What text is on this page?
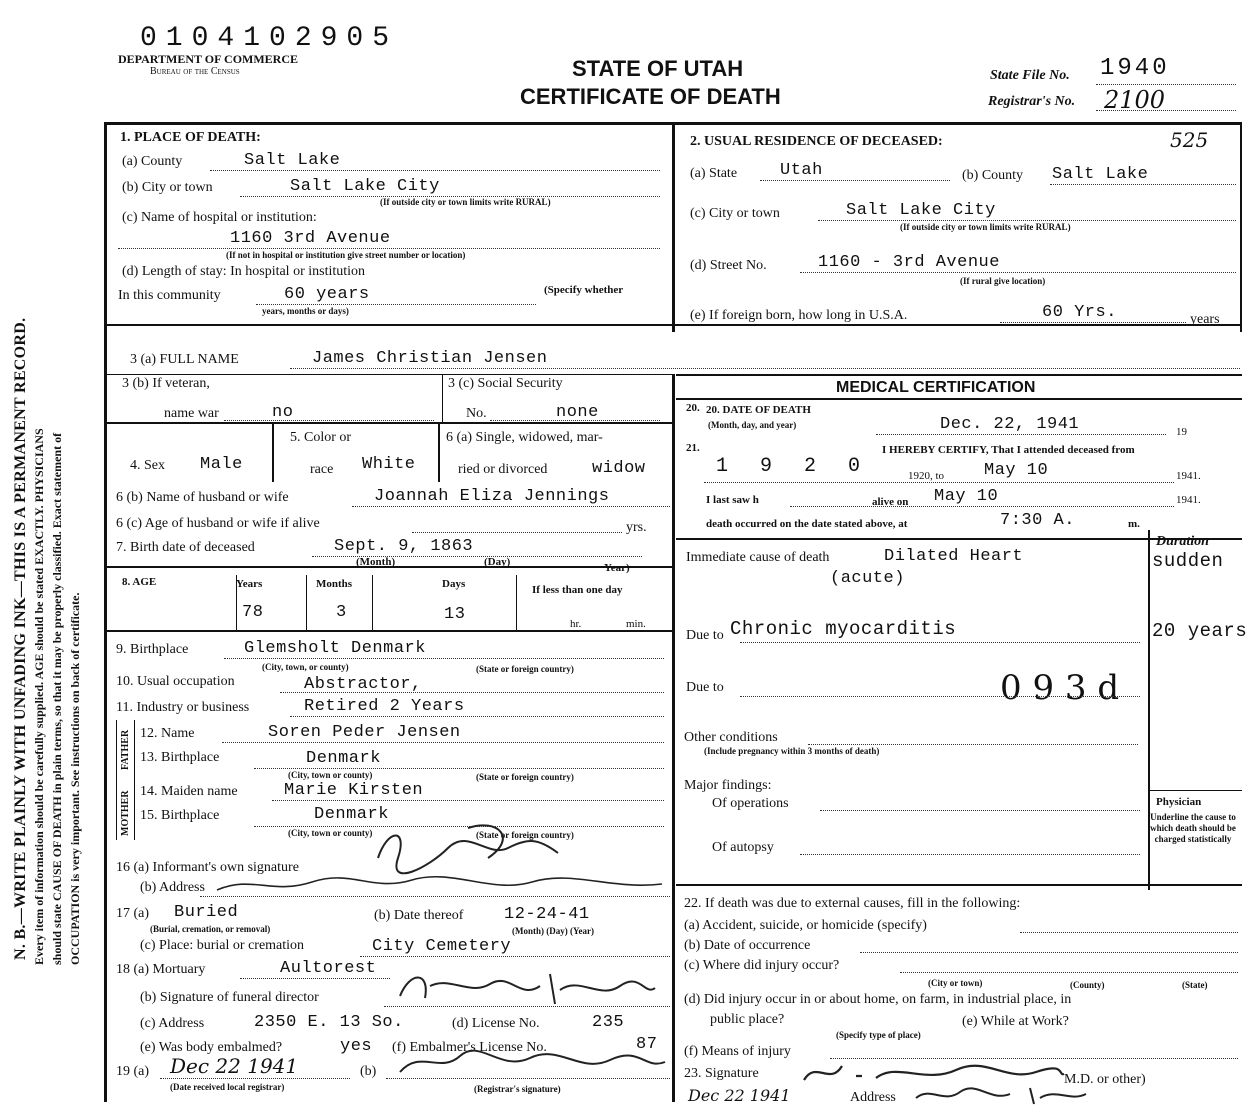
N. B.—WRITE PLAINLY WITH UNFADING INK—THIS IS A PERMANENT RECORD. Every item of information should be carefully supplied. AGE should be stated EXACTLY. PHYSICIANS should state CAUSE OF DEATH in plain terms, so that it may be properly classified. Exact statement of OCCUPATION is very important. See instructions on back of certificate.
0104102905
DEPARTMENT OF COMMERCE
Bureau of the Census	STATE OF UTAH
CERTIFICATE OF DEATH
State File No. 1940
Registrar's No. 2100
1. PLACE OF DEATH:
(a) County	Salt Lake
(b) City or town	Salt Lake City
(If outside city or town limits write RURAL)
(c) Name of hospital or institution:
1160 3rd Avenue
(If not in hospital or institution give street number or location)
(d) Length of stay: In hospital or institution
In this community	60 years	(Specify whether
years, months or days)
2. USUAL RESIDENCE OF DECEASED:	525
(a) State	Utah	(b) County Salt Lake
(c) City or town	Salt Lake City
(If outside city or town limits write RURAL)
(d) Street No.	1160 - 3rd Avenue
(If rural give location)
(e) If foreign born, how long in U.S.A.	60 Yrs.	years
3 (a) FULL NAME	James Christian Jensen
3 (b) If veteran,
name war	no
3 (c) Social Security
No.	none
4. Sex Male
5. Color or
race White
6 (a) Single, widowed, mar-
ried or divorced	widow
6 (b) Name of husband or wife	Joannah Eliza Jennings
6 (c) Age of husband or wife if alive	yrs.
7. Birth date of deceased	Sept. 9, 1863
(Month)	(Day)	Year)
8. AGE	Years	Months	Days	If less than one day
78	3	13	hr.	min.
9. Birthplace	Glemsholt Denmark
(City, town, or county)	(State or foreign country)
10. Usual occupation	Abstractor,
11. Industry or business	Retired 2 Years
FATHER
MOTHER
12. Name	Soren Peder Jensen
13. Birthplace	Denmark
(City, town or county)	(State or foreign country)
14. Maiden name	Marie Kirsten
15. Birthplace	Denmark
(City, town or county)	(State or foreign country)
16 (a) Informant's own signature
(b) Address
17 (a) Buried
(Burial, cremation, or removal)
(b) Date thereof 12-24-41
(Month) (Day) (Year)
(c) Place: burial or cremation	City Cemetery
18 (a) Mortuary	Aultorest
(b) Signature of funeral director
(c) Address	2350 E. 13 So.	(d) License No.	235
(e) Was body embalmed?	yes (f) Embalmer's License No.	87
19 (a) Dec 22 1941
(Date received local registrar)
(b)
(Registrar's signature)
MEDICAL CERTIFICATION
20. DATE OF DEATH
(Month, day, and year)
20.
Dec. 22, 1941	19
21.	I HEREBY CERTIFY, That I attended deceased from
1 9 2 0	1920, to May 10	1941.
I last saw h	alive on May 10	1941.
death occurred on the date stated above, at	7:30 A.	m.
Immediate cause of death	Dilated Heart
(acute)
Duration
sudden
Due to Chronic myocarditis	20 years
Due to	0 9 3 d
Other conditions
(Include pregnancy within 3 months of death)
Major findings:
Of operations
Of autopsy
Physician
Underline the cause to which death should be charged statistically
22. If death was due to external causes, fill in the following:
(a) Accident, suicide, or homicide (specify)
(b) Date of occurrence
(c) Where did injury occur?
(City or town)	(County)	(State)
(d) Did injury occur in or about home, on farm, in industrial place, in
public place?
(Specify type of place)
(e) While at Work?
(f) Means of injury
23. Signature	M.D. or other)
Dec 22 1941	Address
